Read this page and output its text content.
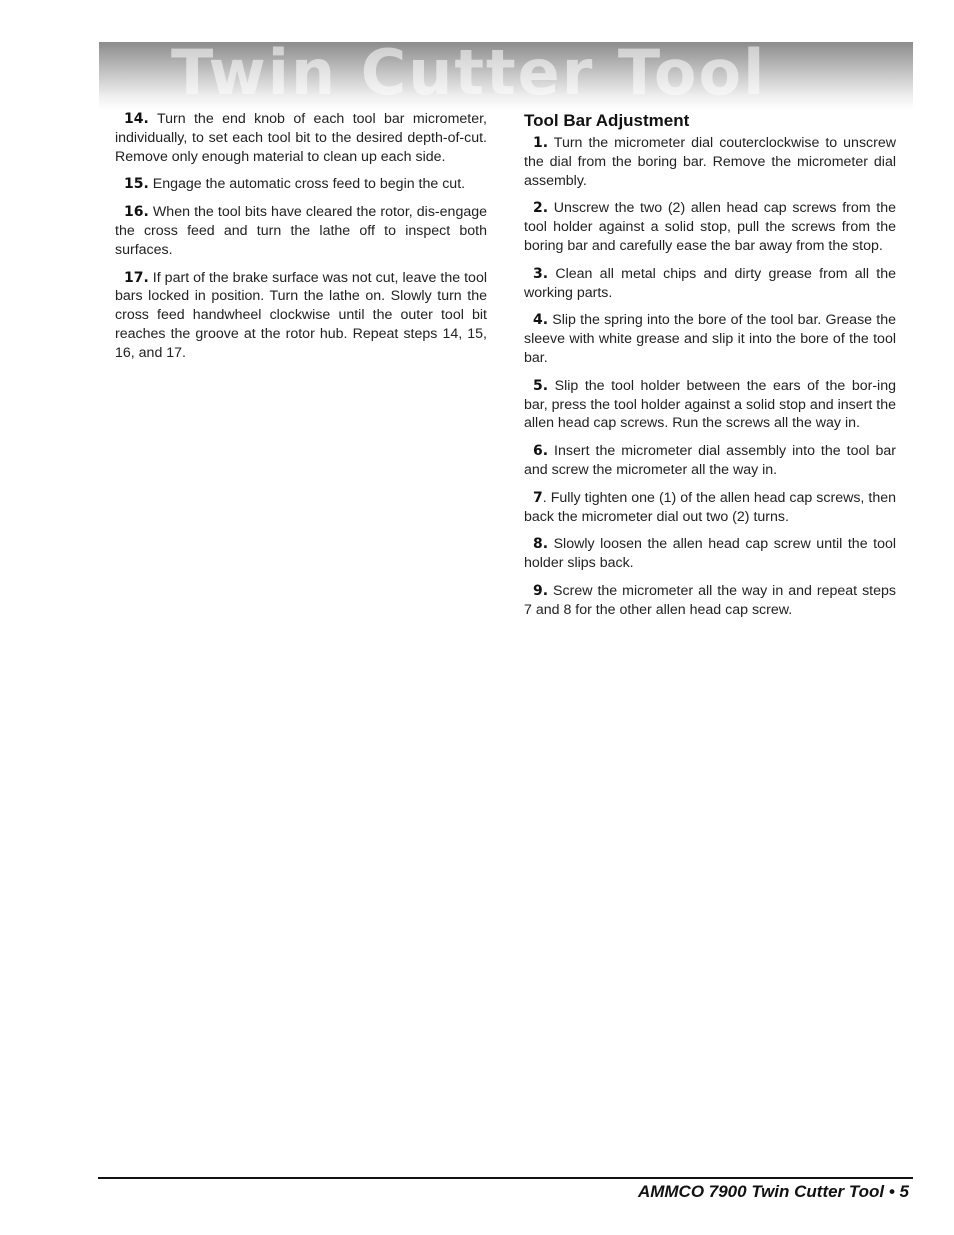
Twin Cutter Tool

14. Turn the end knob of each tool bar micrometer, individually, to set each tool bit to the desired depth-of-cut. Remove only enough material to clean up each side.

15. Engage the automatic cross feed to begin the cut.

16. When the tool bits have cleared the rotor, dis-engage the cross feed and turn the lathe off to inspect both surfaces.

17. If part of the brake surface was not cut, leave the tool bars locked in position. Turn the lathe on. Slowly turn the cross feed handwheel clockwise until the outer tool bit reaches the groove at the rotor hub. Repeat steps 14, 15, 16, and 17.

Tool Bar Adjustment

1. Turn the micrometer dial couterclockwise to unscrew the dial from the boring bar. Remove the micrometer dial assembly.

2. Unscrew the two (2) allen head cap screws from the tool holder against a solid stop, pull the screws from the boring bar and carefully ease the bar away from the stop.

3. Clean all metal chips and dirty grease from all the working parts.

4. Slip the spring into the bore of the tool bar. Grease the sleeve with white grease and slip it into the bore of the tool bar.

5. Slip the tool holder between the ears of the bor-ing bar, press the tool holder against a solid stop and insert the allen head cap screws. Run the screws all the way in.

6. Insert the micrometer dial assembly into the tool bar and screw the micrometer all the way in.

7. Fully tighten one (1) of the allen head cap screws, then back the micrometer dial out two (2) turns.

8. Slowly loosen the allen head cap screw until the tool holder slips back.

9. Screw the micrometer all the way in and repeat steps 7 and 8 for the other allen head cap screw.

AMMCO 7900 Twin Cutter Tool • 5
